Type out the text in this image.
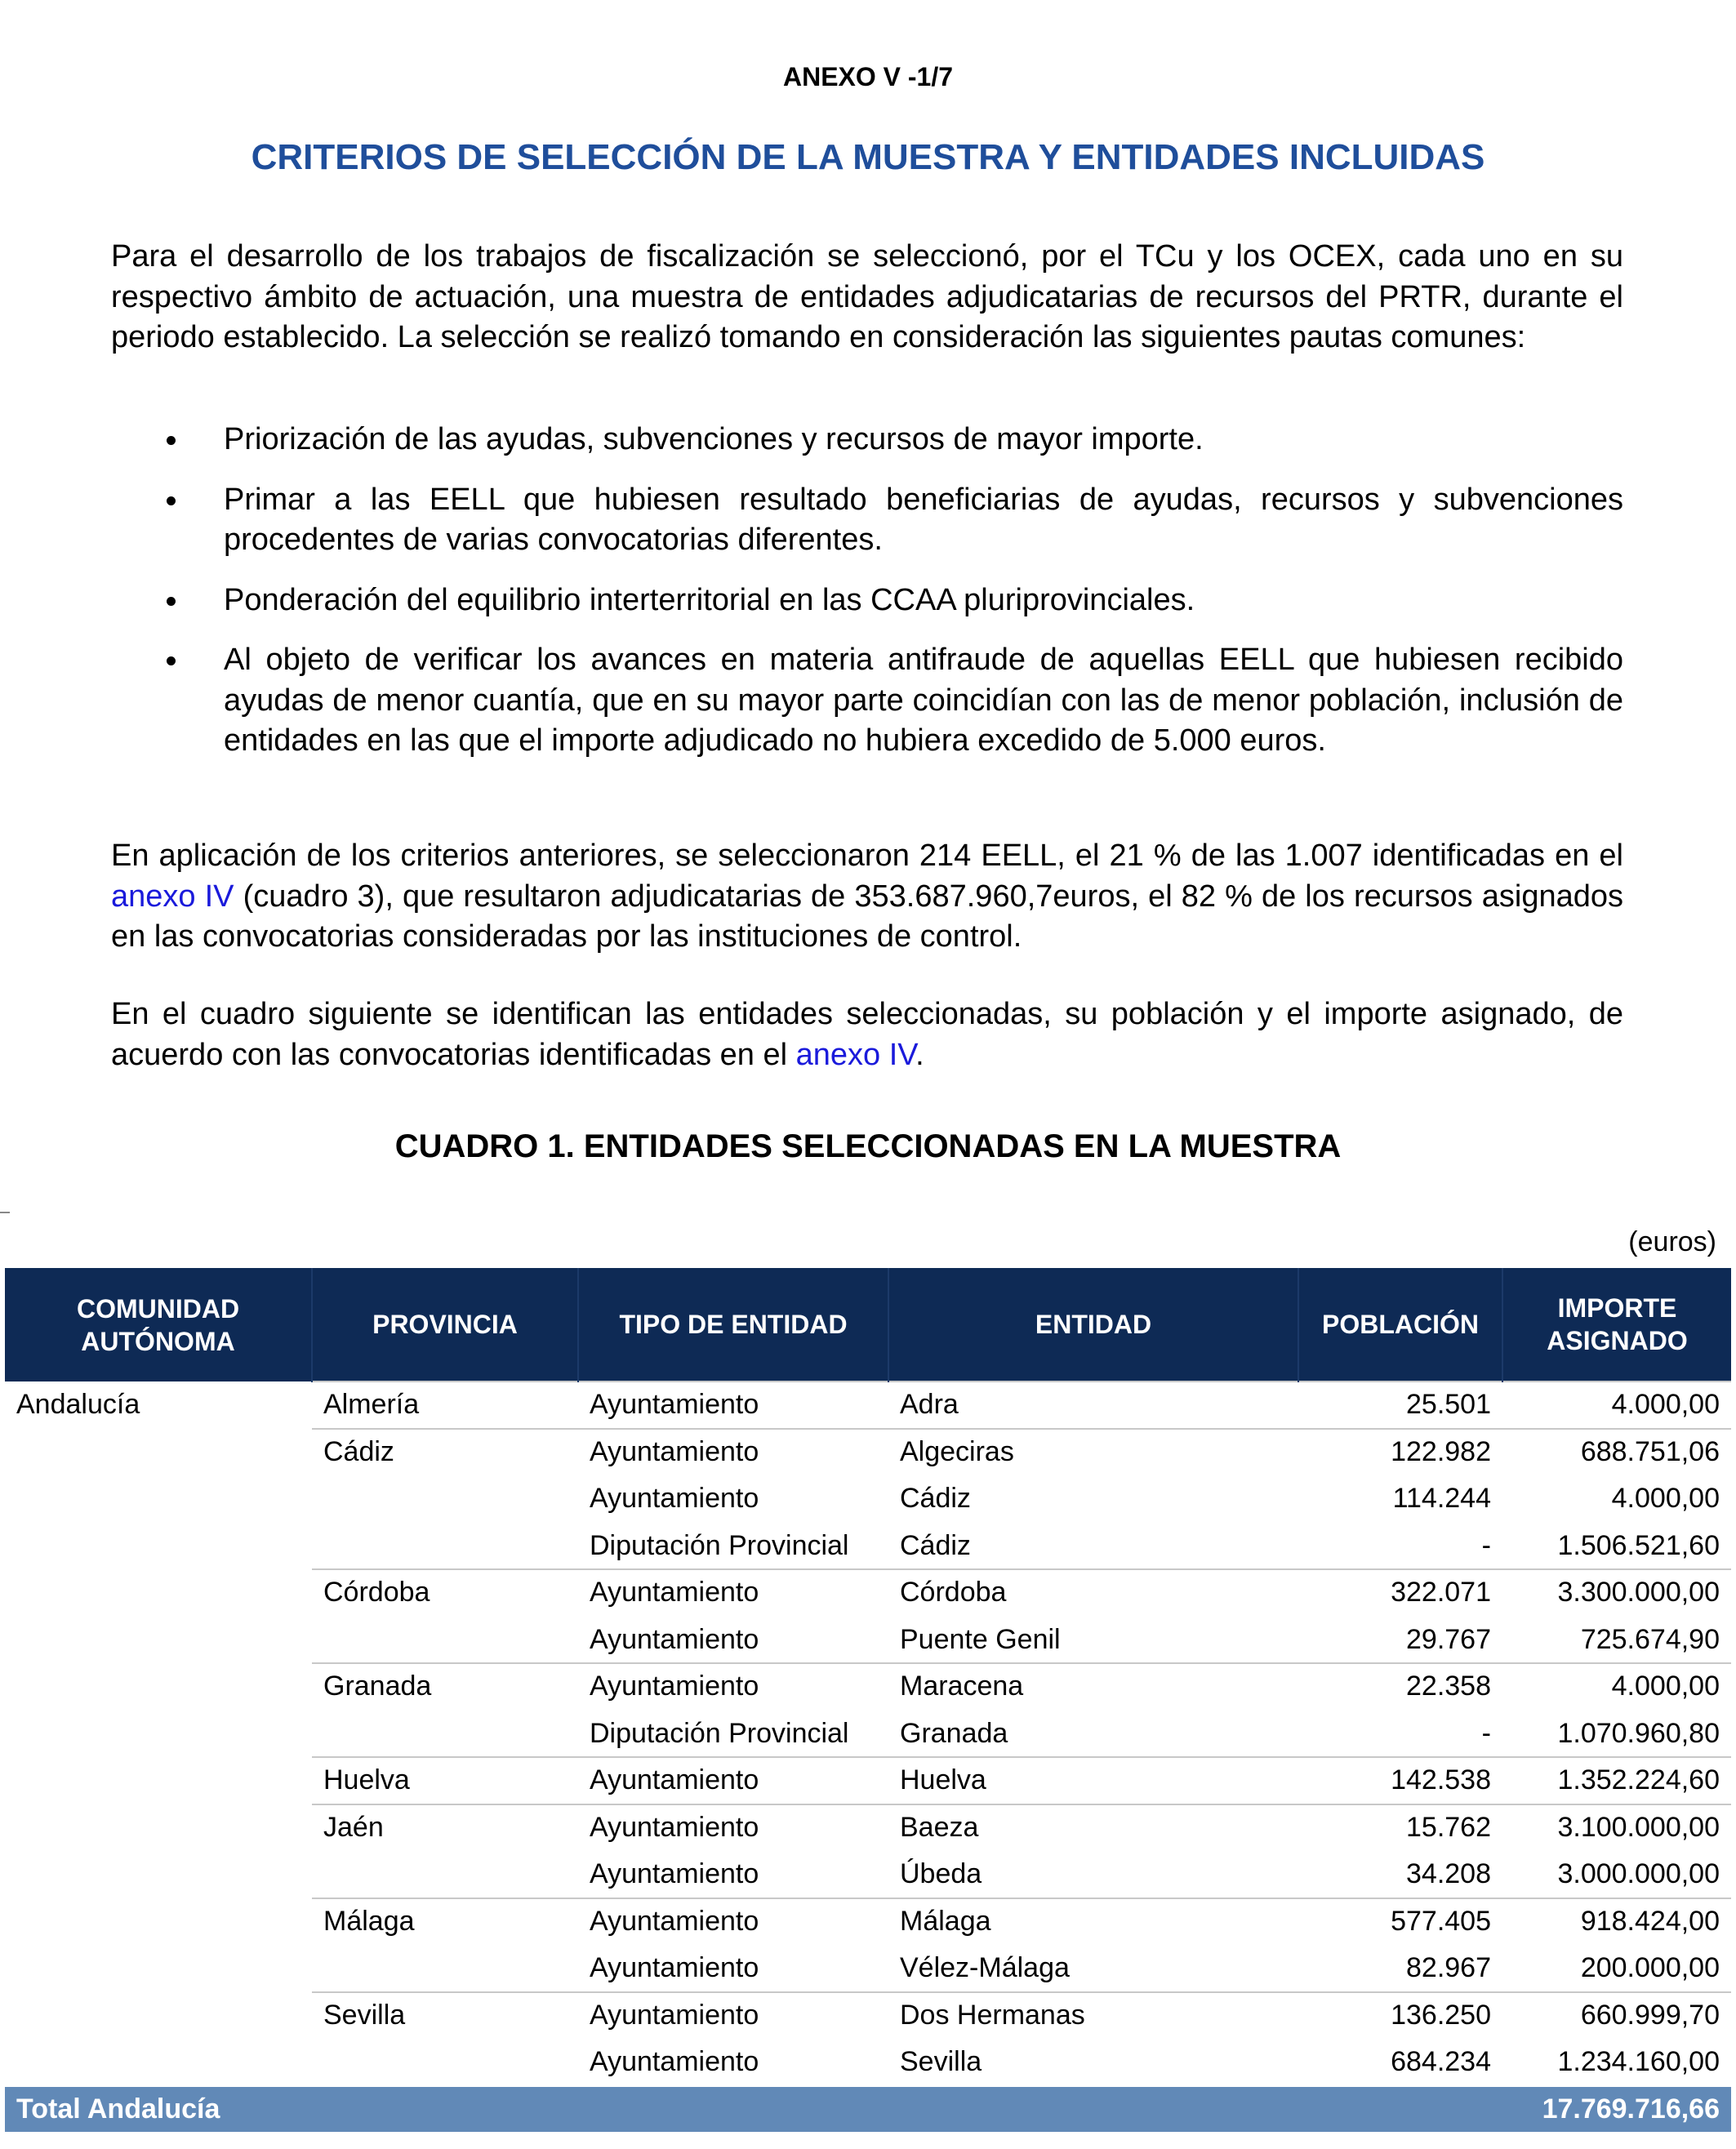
ANEXO V -1/7
CRITERIOS DE SELECCIÓN DE LA MUESTRA Y ENTIDADES INCLUIDAS
Para el desarrollo de los trabajos de fiscalización se seleccionó, por el TCu y los OCEX, cada uno en su respectivo ámbito de actuación, una muestra de entidades adjudicatarias de recursos del PRTR, durante el periodo establecido. La selección se realizó tomando en consideración las siguientes pautas comunes:
Priorización de las ayudas, subvenciones y recursos de mayor importe.
Primar a las EELL que hubiesen resultado beneficiarias de ayudas, recursos y subvenciones procedentes de varias convocatorias diferentes.
Ponderación del equilibrio interterritorial en las CCAA pluriprovinciales.
Al objeto de verificar los avances en materia antifraude de aquellas EELL que hubiesen recibido ayudas de menor cuantía, que en su mayor parte coincidían con las de menor población, inclusión de entidades en las que el importe adjudicado no hubiera excedido de 5.000 euros.
En aplicación de los criterios anteriores, se seleccionaron 214 EELL, el 21 % de las 1.007 identificadas en el anexo IV (cuadro 3), que resultaron adjudicatarias de 353.687.960,7euros, el 82 % de los recursos asignados en las convocatorias consideradas por las instituciones de control.
En el cuadro siguiente se identifican las entidades seleccionadas, su población y el importe asignado, de acuerdo con las convocatorias identificadas en el anexo IV.
CUADRO 1. ENTIDADES SELECCIONADAS EN LA MUESTRA
(euros)
COMUNIDAD
AUTÓNOMA	PROVINCIA	TIPO DE ENTIDAD	ENTIDAD	POBLACIÓN	IMPORTE
ASIGNADO
Andalucía	Almería	Ayuntamiento	Adra	25.501	4.000,00
	Cádiz	Ayuntamiento	Algeciras	122.982	688.751,06
		Ayuntamiento	Cádiz	114.244	4.000,00
		Diputación Provincial	Cádiz	-	1.506.521,60
	Córdoba	Ayuntamiento	Córdoba	322.071	3.300.000,00
		Ayuntamiento	Puente Genil	29.767	725.674,90
	Granada	Ayuntamiento	Maracena	22.358	4.000,00
		Diputación Provincial	Granada	-	1.070.960,80
	Huelva	Ayuntamiento	Huelva	142.538	1.352.224,60
	Jaén	Ayuntamiento	Baeza	15.762	3.100.000,00
		Ayuntamiento	Úbeda	34.208	3.000.000,00
	Málaga	Ayuntamiento	Málaga	577.405	918.424,00
		Ayuntamiento	Vélez-Málaga	82.967	200.000,00
	Sevilla	Ayuntamiento	Dos Hermanas	136.250	660.999,70
		Ayuntamiento	Sevilla	684.234	1.234.160,00
Total Andalucía					17.769.716,66
